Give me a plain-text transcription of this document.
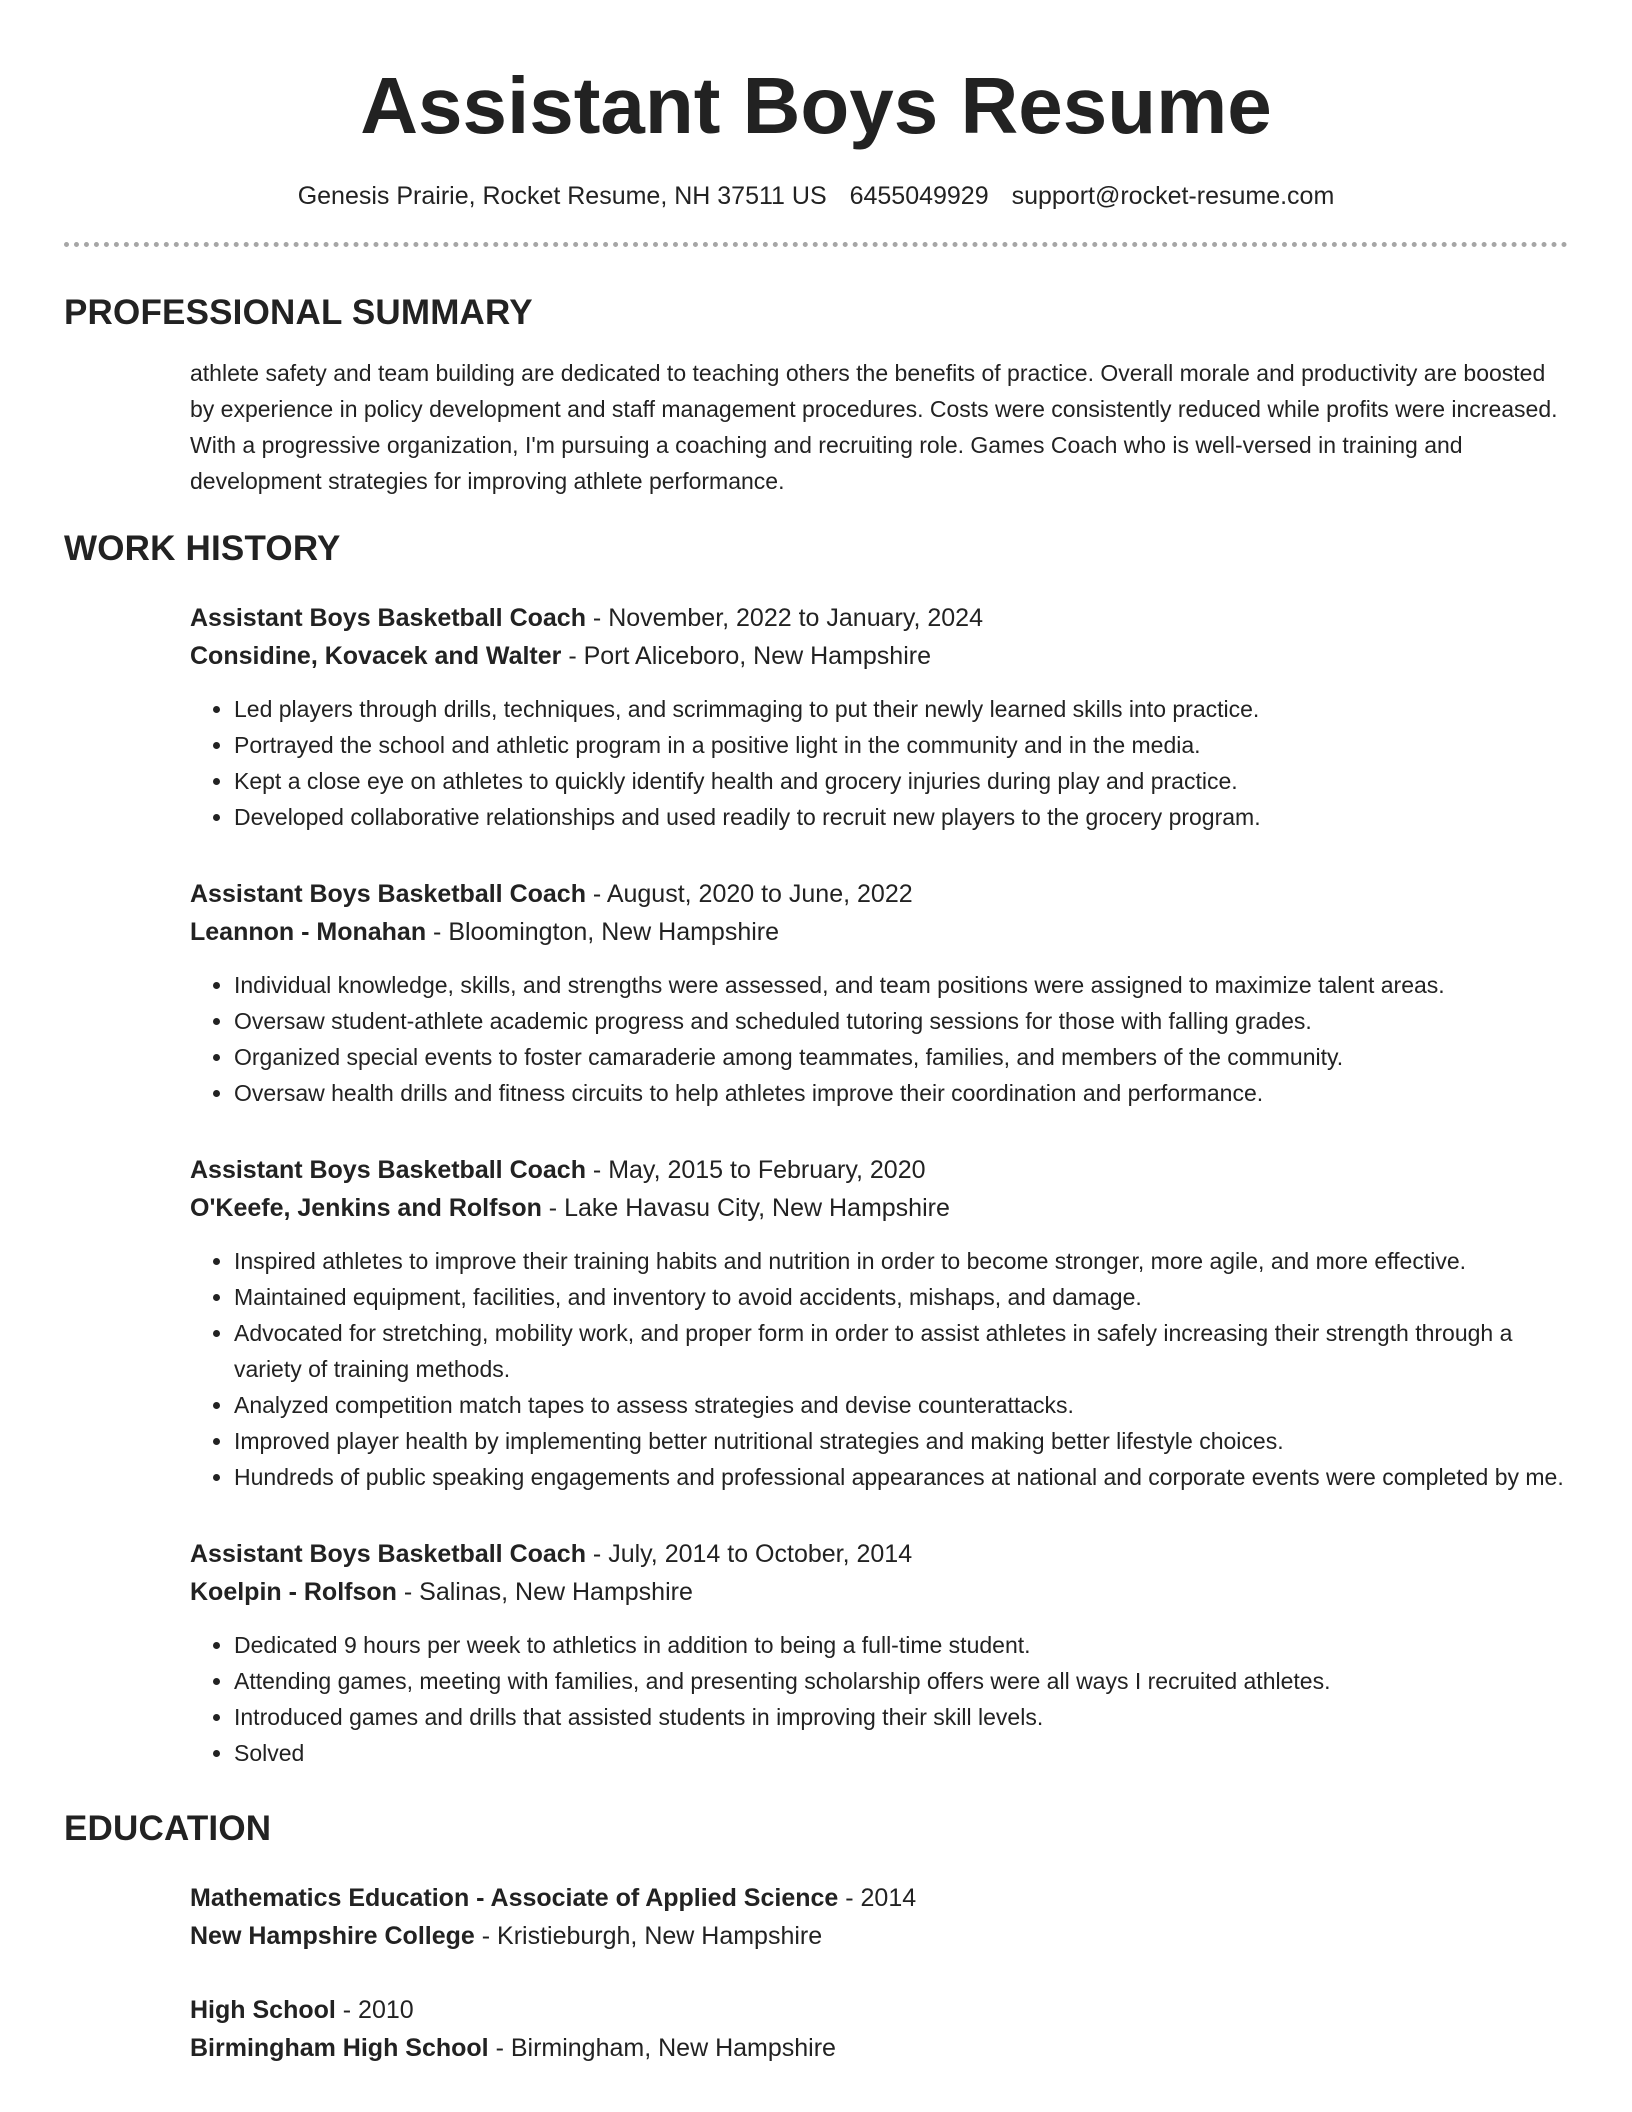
Assistant Boys Resume
Genesis Prairie, Rocket Resume, NH 37511 US 6455049929 support@rocket-resume.com
PROFESSIONAL SUMMARY
athlete safety and team building are dedicated to teaching others the benefits of practice. Overall morale and productivity are boosted by experience in policy development and staff management procedures. Costs were consistently reduced while profits were increased. With a progressive organization, I'm pursuing a coaching and recruiting role. Games Coach who is well-versed in training and development strategies for improving athlete performance.
WORK HISTORY
Assistant Boys Basketball Coach - November, 2022 to January, 2024
Considine, Kovacek and Walter - Port Aliceboro, New Hampshire
• Led players through drills, techniques, and scrimmaging to put their newly learned skills into practice.
• Portrayed the school and athletic program in a positive light in the community and in the media.
• Kept a close eye on athletes to quickly identify health and grocery injuries during play and practice.
• Developed collaborative relationships and used readily to recruit new players to the grocery program.
Assistant Boys Basketball Coach - August, 2020 to June, 2022
Leannon - Monahan - Bloomington, New Hampshire
• Individual knowledge, skills, and strengths were assessed, and team positions were assigned to maximize talent areas.
• Oversaw student-athlete academic progress and scheduled tutoring sessions for those with falling grades.
• Organized special events to foster camaraderie among teammates, families, and members of the community.
• Oversaw health drills and fitness circuits to help athletes improve their coordination and performance.
Assistant Boys Basketball Coach - May, 2015 to February, 2020
O'Keefe, Jenkins and Rolfson - Lake Havasu City, New Hampshire
• Inspired athletes to improve their training habits and nutrition in order to become stronger, more agile, and more effective.
• Maintained equipment, facilities, and inventory to avoid accidents, mishaps, and damage.
• Advocated for stretching, mobility work, and proper form in order to assist athletes in safely increasing their strength through a variety of training methods.
• Analyzed competition match tapes to assess strategies and devise counterattacks.
• Improved player health by implementing better nutritional strategies and making better lifestyle choices.
• Hundreds of public speaking engagements and professional appearances at national and corporate events were completed by me.
Assistant Boys Basketball Coach - July, 2014 to October, 2014
Koelpin - Rolfson - Salinas, New Hampshire
• Dedicated 9 hours per week to athletics in addition to being a full-time student.
• Attending games, meeting with families, and presenting scholarship offers were all ways I recruited athletes.
• Introduced games and drills that assisted students in improving their skill levels.
• Solved
EDUCATION
Mathematics Education - Associate of Applied Science - 2014
New Hampshire College - Kristieburgh, New Hampshire
High School - 2010
Birmingham High School - Birmingham, New Hampshire
